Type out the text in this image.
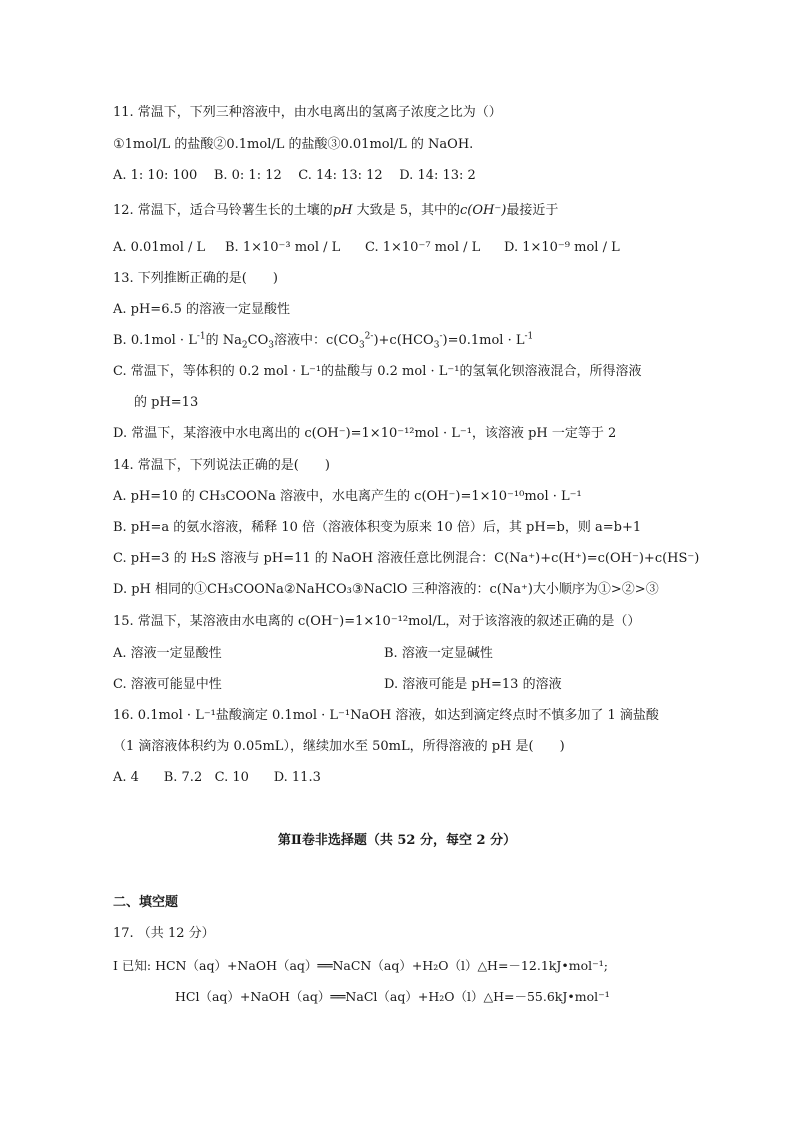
11. 常温下，下列三种溶液中，由水电离出的氢离子浓度之比为（）
①1mol/L 的盐酸②0.1mol/L 的盐酸③0.01mol/L 的 NaOH.
A. 1: 10: 100    B. 0: 1: 12    C. 14: 13: 12    D. 14: 13: 2
12. 常温下，适合马铃薯生长的土壤的pH 大致是 5，其中的c(OH⁻)最接近于
A. 0.01mol / L B. 1×10⁻³ mol / L C. 1×10⁻⁷ mol / L D. 1×10⁻⁹ mol / L
13. 下列推断正确的是(　　)
A. pH=6.5 的溶液一定显酸性
B. $0.1mol \cdot L^{-1}$的 $Na_2CO_3$溶液中：$c(CO_3^{2-})+c(HCO_3^-)=0.1mol \cdot L^{-1}$
C. 常温下，等体积的 0.2 mol · L⁻¹的盐酸与 0.2 mol · L⁻¹的氢氧化钡溶液混合，所得溶液
的 pH=13
D. 常温下，某溶液中水电离出的 c(OH⁻)=1×10⁻¹²mol · L⁻¹，该溶液 pH 一定等于 2
14. 常温下，下列说法正确的是(　　)
A. pH=10 的 CH₃COONa 溶液中，水电离产生的 c(OH⁻)=1×10⁻¹⁰mol · L⁻¹
B. pH=a 的氨水溶液，稀释 10 倍（溶液体积变为原来 10 倍）后，其 pH=b，则 a=b+1
C. pH=3 的 H₂S 溶液与 pH=11 的 NaOH 溶液任意比例混合：C(Na⁺)+c(H⁺)=c(OH⁻)+c(HS⁻)
D. pH 相同的①CH₃COONa②NaHCO₃③NaClO 三种溶液的：c(Na⁺)大小顺序为①>②>③
15. 常温下，某溶液由水电离的 c(OH⁻)=1×10⁻¹²mol/L，对于该溶液的叙述正确的是（）
A. 溶液一定显酸性	B. 溶液一定显碱性
C. 溶液可能显中性	D. 溶液可能是 pH=13 的溶液
16. 0.1mol · L⁻¹盐酸滴定 0.1mol · L⁻¹NaOH 溶液，如达到滴定终点时不慎多加了 1 滴盐酸
（1 滴溶液体积约为 0.05mL），继续加水至 50mL，所得溶液的 pH 是(　　)
A. 4      B. 7.2   C. 10      D. 11.3
第Ⅱ卷非选择题（共 52 分，每空 2 分）
二、填空题
17. （共 12 分）
Ⅰ 已知: HCN（aq）+NaOH（aq）══NaCN（aq）+H₂O（l）△H=－12.1kJ•mol⁻¹;
HCl（aq）+NaOH（aq）══NaCl（aq）+H₂O（l）△H=－55.6kJ•mol⁻¹
